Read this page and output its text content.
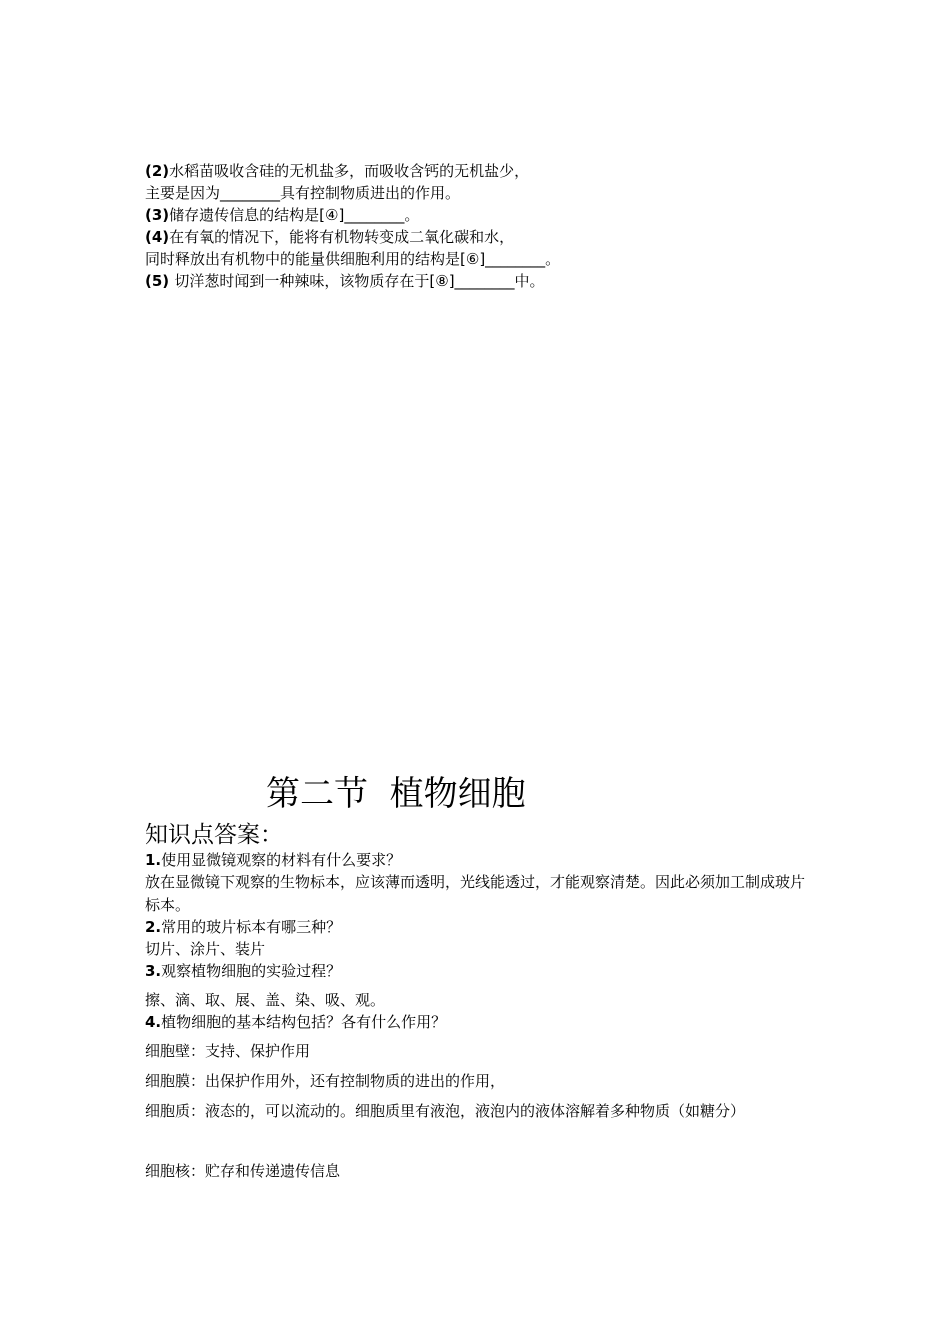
(2)水稻苗吸收含硅的无机盐多，而吸收含钙的无机盐少，
主要是因为________具有控制物质进出的作用。
(3)储存遗传信息的结构是[④]________。
(4)在有氧的情况下，能将有机物转变成二氧化碳和水，
同时释放出有机物中的能量供细胞利用的结构是[⑥]________。
(5) 切洋葱时闻到一种辣味，该物质存在于[⑧]________中。
第二节  植物细胞
知识点答案：
1.使用显微镜观察的材料有什么要求？
放在显微镜下观察的生物标本，应该薄而透明，光线能透过，才能观察清楚。因此必须加工制成玻片标本。
2.常用的玻片标本有哪三种？
切片、涂片、装片
3.观察植物细胞的实验过程？
擦、滴、取、展、盖、染、吸、观。
4.植物细胞的基本结构包括？各有什么作用？
细胞壁：支持、保护作用
细胞膜：出保护作用外，还有控制物质的进出的作用，
细胞质：液态的，可以流动的。细胞质里有液泡，液泡内的液体溶解着多种物质（如糖分）
细胞核：贮存和传递遗传信息
